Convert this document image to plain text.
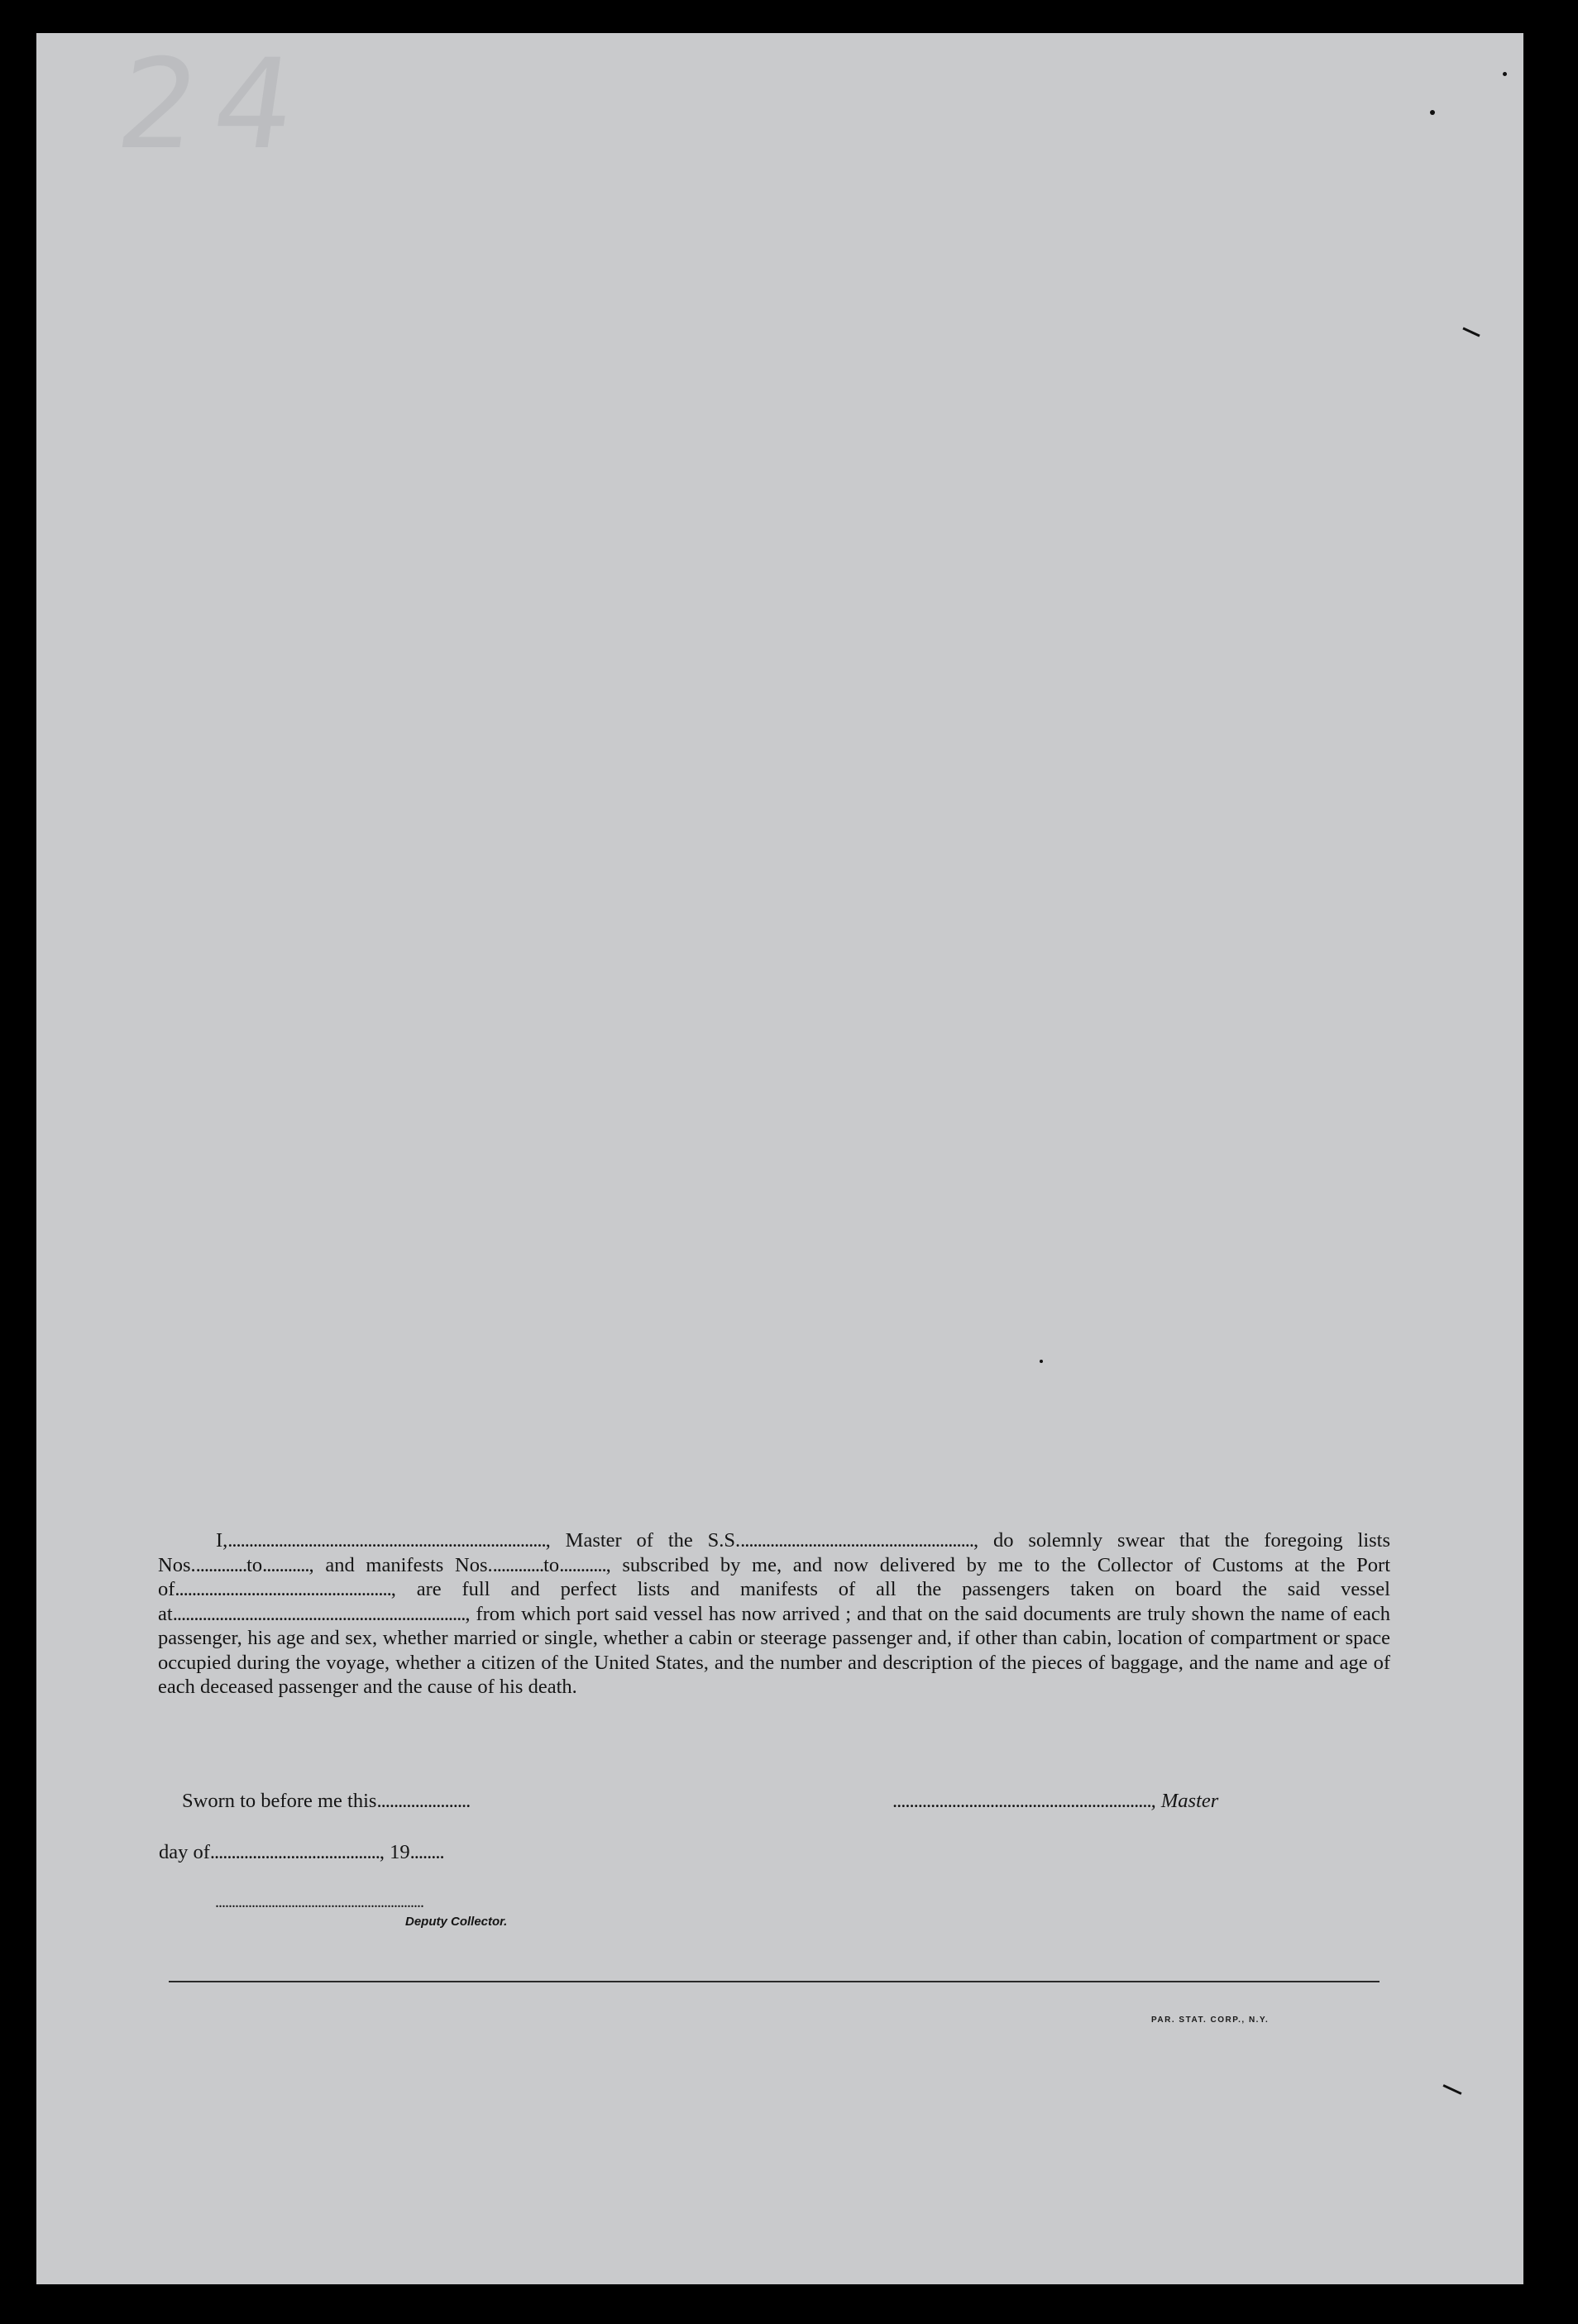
24

I,..........................................................................., Master of the S.S........................................................, do solemnly swear that the foregoing lists Nos.............to..........., and manifests Nos.............to..........., subscribed by me, and now delivered by me to the Collector of Customs at the Port of..................................................., are full and perfect lists and manifests of all the passengers taken on board the said vessel at....................................................................., from which port said vessel has now arrived ; and that on the said documents are truly shown the name of each passenger, his age and sex, whether married or single, whether a cabin or steerage passenger and, if other than cabin, location of compartment or space occupied during the voyage, whether a citizen of the United States, and the number and description of the pieces of baggage, and the name and age of each deceased passenger and the cause of his death.

Sworn to before me this......................	............................................................., Master
day of........................................, 19........
...............................................................
Deputy Collector.
PAR. STAT. CORP., N.Y.
